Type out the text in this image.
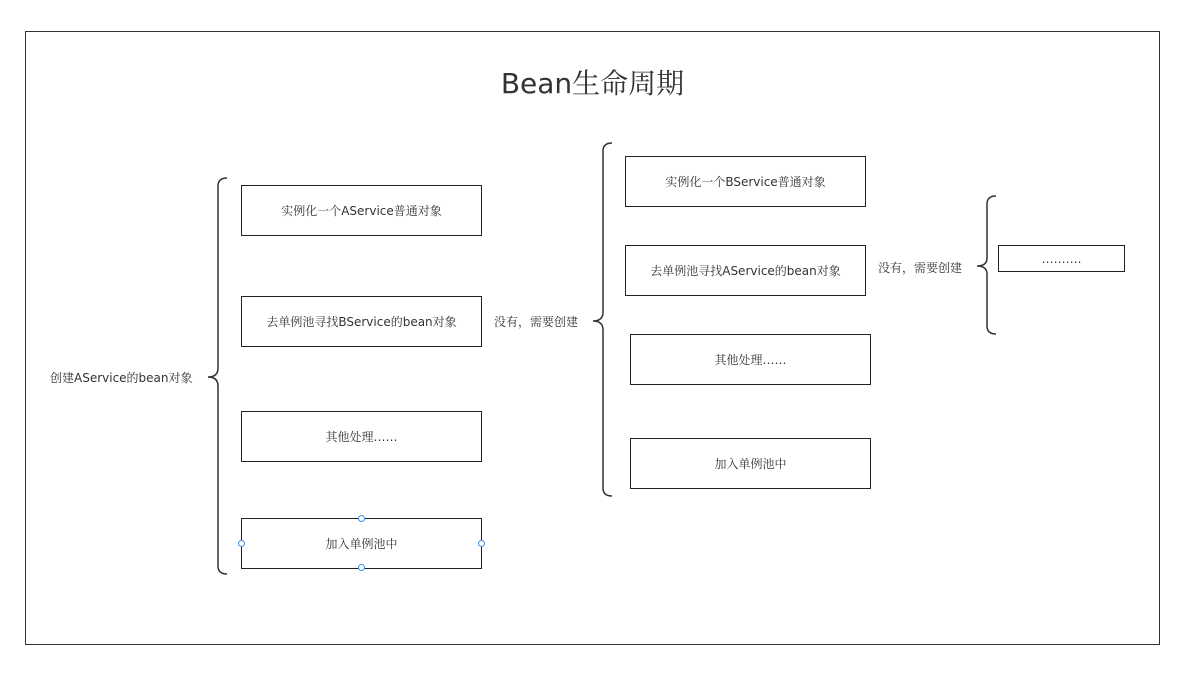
Bean生命周期
创建AService的bean对象
实例化一个AService普通对象
去单例池寻找BService的bean对象
其他处理……
加入单例池中
没有，需要创建
实例化一个BService普通对象
去单例池寻找AService的bean对象
其他处理……
加入单例池中
没有，需要创建
……….
